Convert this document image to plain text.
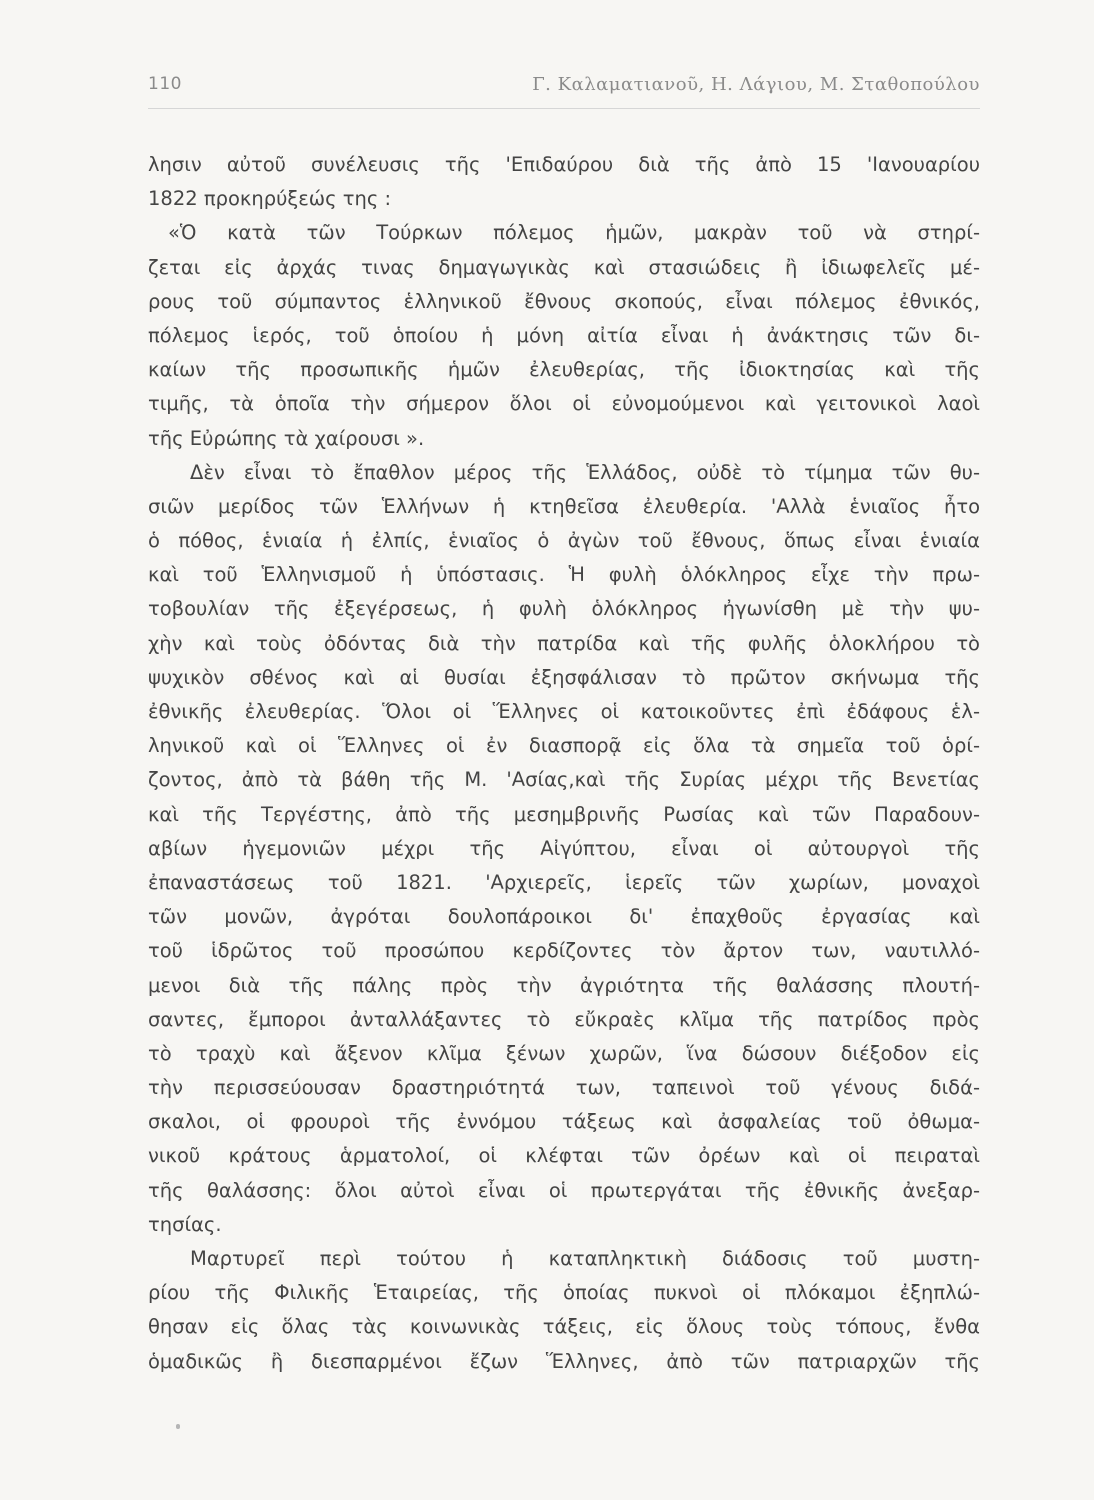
110	Γ. Καλαματιανοῦ, Η. Λάγιου, Μ. Σταθοπούλου
λησιν αὐτοῦ συνέλευσις τῆς 'Επιδαύρου διὰ τῆς ἀπὸ 15 'Ιανουαρίου
1822 προκηρύξεώς της :
«Ὁ κατὰ τῶν Τούρκων πόλεμος ἡμῶν, μακρὰν τοῦ νὰ στηρί-
ζεται εἰς ἀρχάς τινας δημαγωγικὰς καὶ στασιώδεις ἢ ἰδιωφελεῖς μέ-
ρους τοῦ σύμπαντος ἑλληνικοῦ ἔθνους σκοπούς, εἶναι πόλεμος ἐθνικός,
πόλεμος ἱερός, τοῦ ὁποίου ἡ μόνη αἰτία εἶναι ἡ ἀνάκτησις τῶν δι-
καίων τῆς προσωπικῆς ἡμῶν ἐλευθερίας, τῆς ἰδιοκτησίας καὶ τῆς
τιμῆς, τὰ ὁποῖα τὴν σήμερον ὅλοι οἱ εὐνομούμενοι καὶ γειτονικοὶ λαοὶ
τῆς Εὐρώπης τὰ χαίρουσι ».
Δὲν εἶναι τὸ ἔπαθλον μέρος τῆς Ἑλλάδος, οὐδὲ τὸ τίμημα τῶν θυ-
σιῶν μερίδος τῶν Ἑλλήνων ἡ κτηθεῖσα ἐλευθερία. 'Αλλὰ ἑνιαῖος ἦτο
ὁ πόθος, ἑνιαία ἡ ἐλπίς, ἑνιαῖος ὁ ἀγὼν τοῦ ἔθνους, ὅπως εἶναι ἑνιαία
καὶ τοῦ Ἑλληνισμοῦ ἡ ὑπόστασις. Ἡ φυλὴ ὁλόκληρος εἶχε τὴν πρω-
τοβουλίαν τῆς ἐξεγέρσεως, ἡ φυλὴ ὁλόκληρος ἠγωνίσθη μὲ τὴν ψυ-
χὴν καὶ τοὺς ὀδόντας διὰ τὴν πατρίδα καὶ τῆς φυλῆς ὁλοκλήρου τὸ
ψυχικὸν σθένος καὶ αἱ θυσίαι ἐξησφάλισαν τὸ πρῶτον σκήνωμα τῆς
ἐθνικῆς ἐλευθερίας. Ὅλοι οἱ Ἕλληνες οἱ κατοικοῦντες ἐπὶ ἐδάφους ἑλ-
ληνικοῦ καὶ οἱ Ἕλληνες οἱ ἐν διασπορᾷ εἰς ὅλα τὰ σημεῖα τοῦ ὁρί-
ζοντος, ἀπὸ τὰ βάθη τῆς Μ. 'Ασίας,καὶ τῆς Συρίας μέχρι τῆς Βενετίας
καὶ τῆς Τεργέστης, ἀπὸ τῆς μεσημβρινῆς Ρωσίας καὶ τῶν Παραδουν-
αβίων ἡγεμονιῶν μέχρι τῆς Αἰγύπτου, εἶναι οἱ αὐτουργοὶ τῆς
ἐπαναστάσεως τοῦ 1821. 'Αρχιερεῖς, ἱερεῖς τῶν χωρίων, μοναχοὶ
τῶν μονῶν, ἀγρόται δουλοπάροικοι δι' ἐπαχθοῦς ἐργασίας καὶ
τοῦ ἱδρῶτος τοῦ προσώπου κερδίζοντες τὸν ἄρτον των, ναυτιλλό-
μενοι διὰ τῆς πάλης πρὸς τὴν ἀγριότητα τῆς θαλάσσης πλουτή-
σαντες, ἔμποροι ἀνταλλάξαντες τὸ εὔκραὲς κλῖμα τῆς πατρίδος πρὸς
τὸ τραχὺ καὶ ἄξενον κλῖμα ξένων χωρῶν, ἵνα δώσουν διέξοδον εἰς
τὴν περισσεύουσαν δραστηριότητά των, ταπεινοὶ τοῦ γένους διδά-
σκαλοι, οἱ φρουροὶ τῆς ἐννόμου τάξεως καὶ ἀσφαλείας τοῦ ὀθωμα-
νικοῦ κράτους ἁρματολοί, οἱ κλέφται τῶν ὀρέων καὶ οἱ πειραταὶ
τῆς θαλάσσης: ὅλοι αὐτοὶ εἶναι οἱ πρωτεργάται τῆς ἐθνικῆς ἀνεξαρ-
τησίας.
Μαρτυρεῖ περὶ τούτου ἡ καταπληκτικὴ διάδοσις τοῦ μυστη-
ρίου τῆς Φιλικῆς Ἑταιρείας, τῆς ὁποίας πυκνοὶ οἱ πλόκαμοι ἐξηπλώ-
θησαν εἰς ὅλας τὰς κοινωνικὰς τάξεις, εἰς ὅλους τοὺς τόπους, ἔνθα
ὁμαδικῶς ἢ διεσπαρμένοι ἔζων Ἕλληνες, ἀπὸ τῶν πατριαρχῶν τῆς
